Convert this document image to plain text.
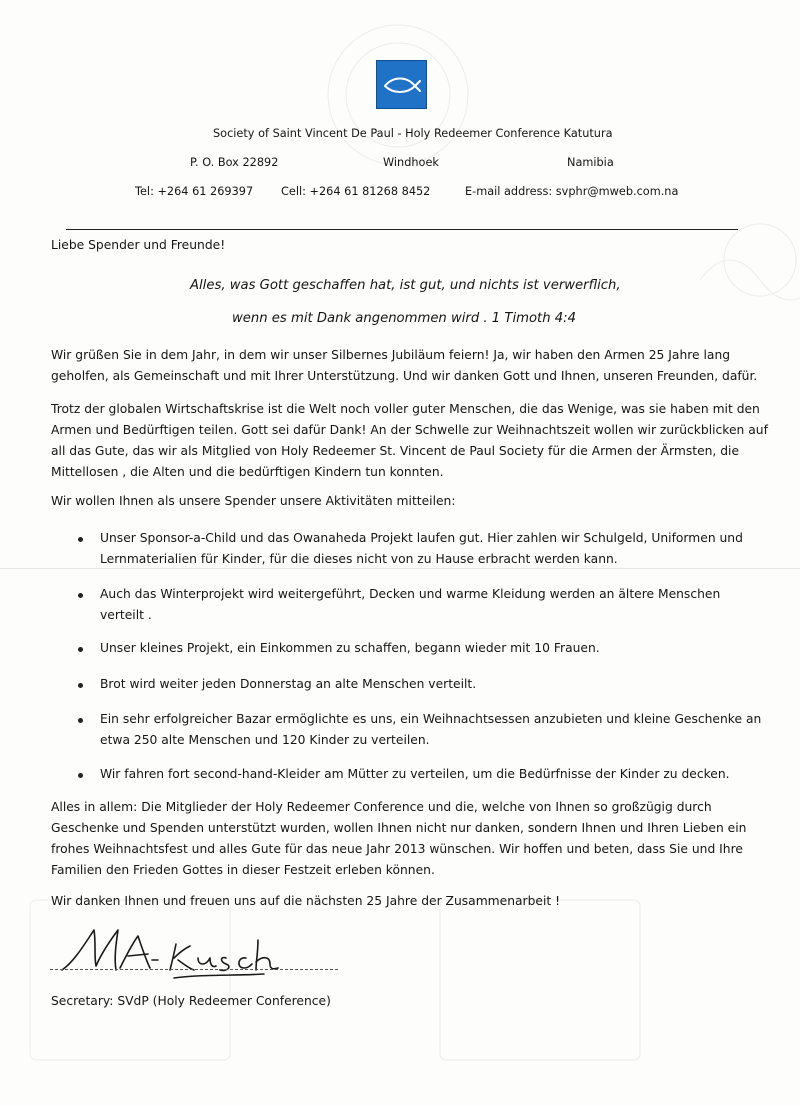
Society of Saint Vincent De Paul - Holy Redeemer Conference Katutura
P. O. Box 22892	Windhoek	Namibia
Tel: +264 61 269397 Cell: +264 61 81268 8452	E-mail address: svphr@mweb.com.na
Liebe Spender und Freunde!
Alles, was Gott geschaffen hat, ist gut, und nichts ist verwerflich,
wenn es mit Dank angenommen wird . 1 Timoth 4:4
Wir grüßen Sie in dem Jahr, in dem wir unser Silbernes Jubiläum feiern! Ja, wir haben den Armen 25 Jahre lang
geholfen, als Gemeinschaft und mit Ihrer Unterstützung. Und wir danken Gott und Ihnen, unseren Freunden, dafür.
Trotz der globalen Wirtschaftskrise ist die Welt noch voller guter Menschen, die das Wenige, was sie haben mit den
Armen und Bedürftigen teilen. Gott sei dafür Dank! An der Schwelle zur Weihnachtszeit wollen wir zurückblicken auf
all das Gute, das wir als Mitglied von Holy Redeemer St. Vincent de Paul Society für die Armen der Ärmsten, die
Mittellosen , die Alten und die bedürftigen Kindern tun konnten.
Wir wollen Ihnen als unsere Spender unsere Aktivitäten mitteilen:
Unser Sponsor-a-Child und das Owanaheda Projekt laufen gut. Hier zahlen wir Schulgeld, Uniformen und
Lernmaterialien für Kinder, für die dieses nicht von zu Hause erbracht werden kann.
Auch das Winterprojekt wird weitergeführt, Decken und warme Kleidung werden an ältere Menschen
verteilt .
Unser kleines Projekt, ein Einkommen zu schaffen, begann wieder mit 10 Frauen.
Brot wird weiter jeden Donnerstag an alte Menschen verteilt.
Ein sehr erfolgreicher Bazar ermöglichte es uns, ein Weihnachtsessen anzubieten und kleine Geschenke an
etwa 250 alte Menschen und 120 Kinder zu verteilen.
Wir fahren fort second-hand-Kleider am Mütter zu verteilen, um die Bedürfnisse der Kinder zu decken.
Alles in allem: Die Mitglieder der Holy Redeemer Conference und die, welche von Ihnen so großzügig durch
Geschenke und Spenden unterstützt wurden, wollen Ihnen nicht nur danken, sondern Ihnen und Ihren Lieben ein
frohes Weihnachtsfest und alles Gute für das neue Jahr 2013 wünschen. Wir hoffen und beten, dass Sie und Ihre
Familien den Frieden Gottes in dieser Festzeit erleben können.
Wir danken Ihnen und freuen uns auf die nächsten 25 Jahre der Zusammenarbeit !
Secretary: SVdP (Holy Redeemer Conference)
